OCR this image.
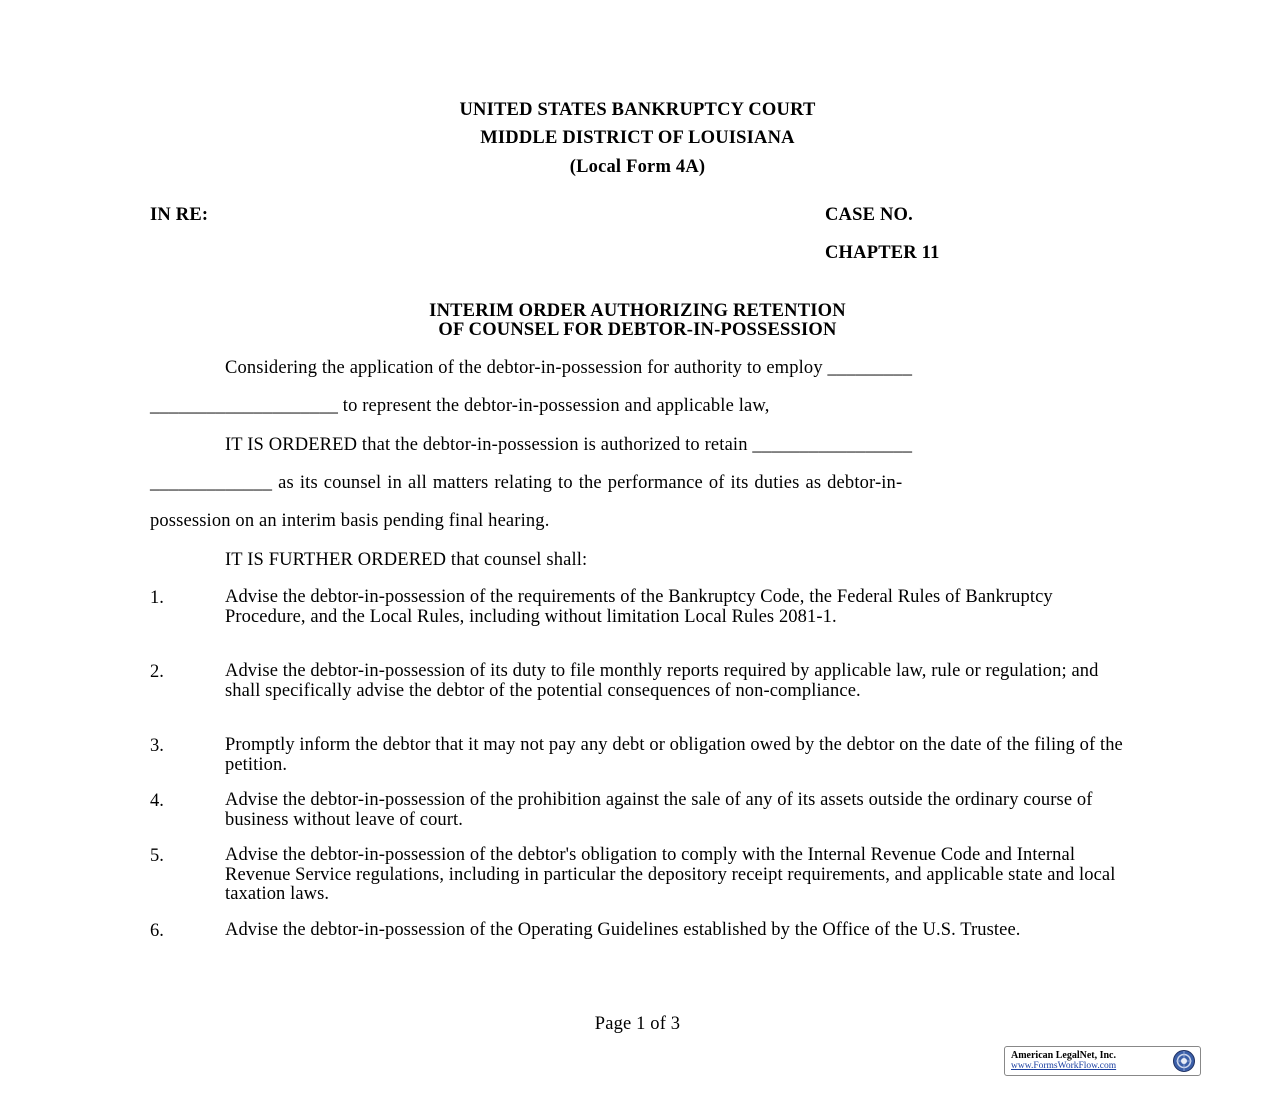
UNITED STATES BANKRUPTCY COURT
MIDDLE DISTRICT OF LOUISIANA
(Local Form 4A)
IN RE:	CASE NO.
CHAPTER 11
INTERIM ORDER AUTHORIZING RETENTION
OF COUNSEL FOR DEBTOR-IN-POSSESSION
Considering the application of the debtor-in-possession for authority to employ _________
____________________ to represent the debtor-in-possession and applicable law,
IT IS ORDERED that the debtor-in-possession is authorized to retain _________________
_____________ as its counsel in all matters relating to the performance of its duties as debtor-in-
possession on an interim basis pending final hearing.
IT IS FURTHER ORDERED that counsel shall:
1.	Advise the debtor-in-possession of the requirements of the Bankruptcy Code, the Federal Rules of Bankruptcy Procedure, and the Local Rules, including without limitation Local Rules 2081-1.
2.	Advise the debtor-in-possession of its duty to file monthly reports required by applicable law, rule or regulation; and shall specifically advise the debtor of the potential consequences of non-compliance.
3.	Promptly inform the debtor that it may not pay any debt or obligation owed by the debtor on the date of the filing of the petition.
4.	Advise the debtor-in-possession of the prohibition against the sale of any of its assets outside the ordinary course of business without leave of court.
5.	Advise the debtor-in-possession of the debtor's obligation to comply with the Internal Revenue Code and Internal Revenue Service regulations, including in particular the depository receipt requirements, and applicable state and local taxation laws.
6.	Advise the debtor-in-possession of the Operating Guidelines established by the Office of the U.S. Trustee.
Page 1 of 3
American LegalNet, Inc.
www.FormsWorkFlow.com
